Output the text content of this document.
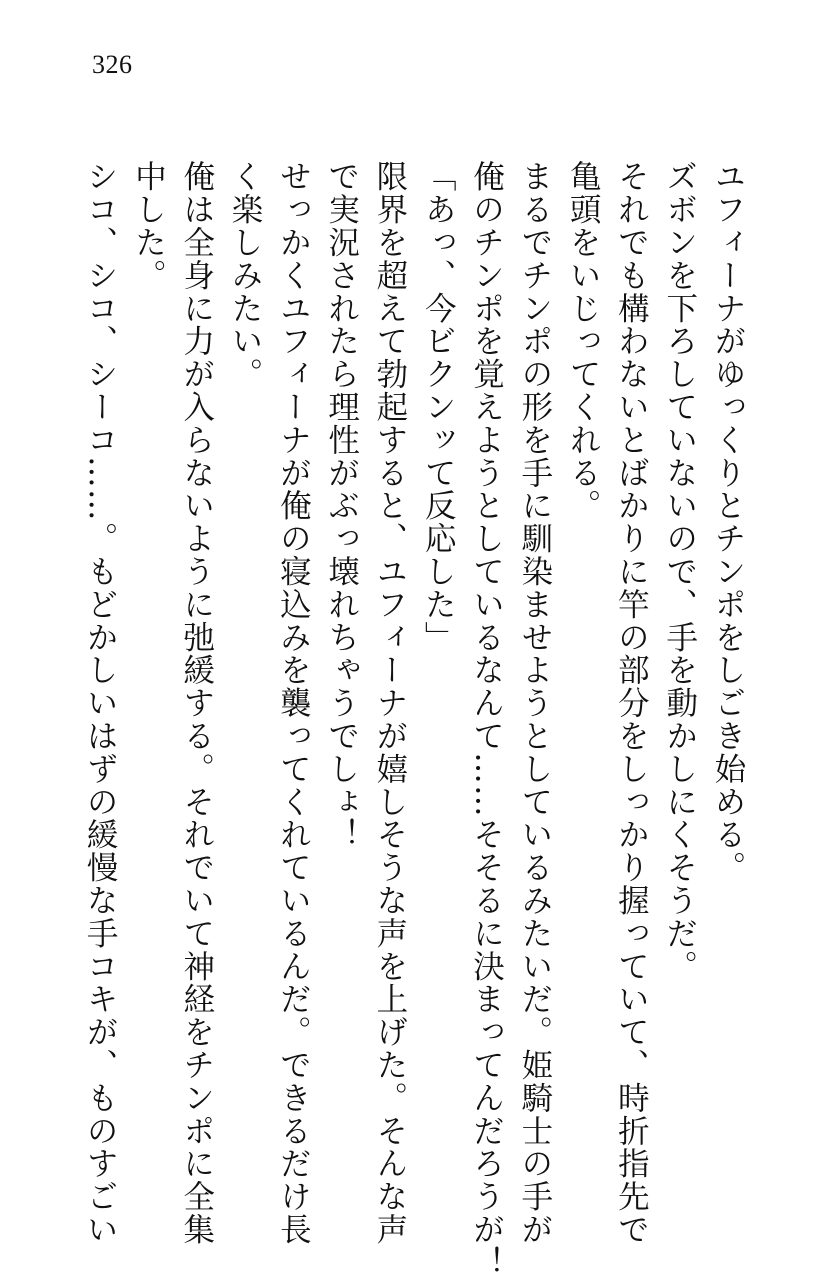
326
ユフィーナがゆっくりとチンポをしごき始める。
ズボンを下ろしていないので、手を動かしにくそうだ。
それでも構わないとばかりに竿の部分をしっかり握っていて、時折指先で
亀頭をいじってくれる。
まるでチンポの形を手に馴染ませようとしているみたいだ。姫騎士の手が
俺のチンポを覚えようとしているなんて……そそるに決まってんだろうが！
「あっ、今ビクンッて反応した」
限界を超えて勃起すると、ユフィーナが嬉しそうな声を上げた。そんな声
で実況されたら理性がぶっ壊れちゃうでしょ！
せっかくユフィーナが俺の寝込みを襲ってくれているんだ。できるだけ長
く楽しみたい。
俺は全身に力が入らないように弛緩する。それでいて神経をチンポに全集
中した。
シコ、シコ、シーコ……。もどかしいはずの緩慢な手コキが、ものすごい
